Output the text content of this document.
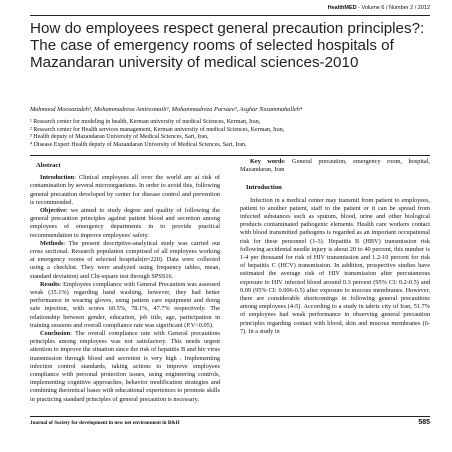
HealthMED - Volume 6 / Number 2 / 2012
How do employees respect general precaution principles?: The case of emergency rooms of selected hospitals of Mazandaran university of medical sciences-2010
Mahmood Moosazadeh¹, Mohammadreza Amiresmaili², Mohammadreza Parsaee³, Asghar Nezammahalleh⁴
¹ Research center for modeling in health, Kerman university of medical Sciences, Kerman, Iran,
² Research center for Health services management, Kerman university of medical Sciences, Kerman, Iran,
³ Health deputy of Mazandaran University of Medical Sciences, Sari, Iran,
⁴ Disease Expert Health deputy of Mazandaran University of Medical Sciences, Sari, Iran.
Abstract

Introduction: Clinical employees all over the world are at risk of contamination by several microorganisms. In order to avoid this, following general precaution developed by center for disease control and prevention is recommended.

Objective: we aimed to study degree and quality of following the general precaution principles against patient blood and secretion among employees of emergency departments in to provide practical recommendation to improve employees' safety.

Methods: The present descriptive-analytical study was carried out cross sectional. Research population comprised of all employees working at emergency rooms of selected hospitals(n=220). Data were collected using a checklist. They were analyzed using frequency tables, mean, standard deviation) and Chi-square test through SPSS16.

Results: Employees compliance with General Precaution was assessed weak (35.1%) regarding hand washing, however, they had better performance in wearing gloves, using patient care equipment and doing safe injection, with scores 60.5%, 78.1%, 47.7% respectively. The relationship between gender, education, job title, age, participation in training sessions and overall compliance rate was significant (P.V<0.05).

Conclusion: The overall compliance rate with General precautions principles among employees was not satisfactory. This needs urgent attention to improve the situation since the risk of hepatitis B and hiv virus transmission through blood and secretion is very high . Implementing infection control standards, taking actions to improve employees compliance with personal protection issues, using engineering controls, implementing cognitive approaches, behavior modification strategies and combining theoretical bases with educational experiences to promote skills in practicing standard principles of general precaution is necessary.

Key words: General precaution, emergency room, hospital, Mazandaran, Iran

Introduction

Infection in a medical center may transmit from patient to employees, patient to another patient, staff to the patient or it can be spread from infected substances such as sputum, blood, urine and other biological products contaminated pathogenic elements. Health care workers contact with blood transmitted pathogens is regarded as an important occupational risk for these personnel (1-3). Hepatitis B (HBV) transmission risk following accidental needle injury is about 20 to 40 percent, this number is 1-4 per thousand for risk of HIV transmission and 1.2-10 percent for risk of hepatitis C (HCV) transmission. In addition, prospective studies have estimated the average risk of HIV transmission after percutaneous exposure to HIV infected blood around 0.3 percent (95% CI: 0.2-0.5) and 0.09 (95% CI: 0.006-0.5) after exposure to mucous membranes. However, there are considerable shortcomings in following general precautions among employees (4-5). According to a study in tabriz city of Iran, 51.7% of employees had weak performance in observing general precaution principles regarding contact with blood, skin and mucous membranes (6-7). In a study in

Journal of Society for development in new net environment in B&H	585
